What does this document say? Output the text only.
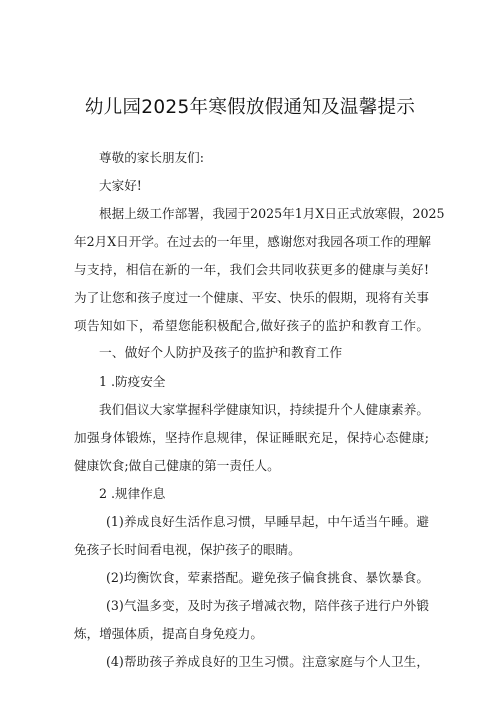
幼儿园2025年寒假放假通知及温馨提示
尊敬的家长朋友们:
大家好!
根据上级工作部署，我园于2025年1月X日正式放寒假，2025
年2月X日开学。在过去的一年里，感谢您对我园各项工作的理解
与支持，相信在新的一年，我们会共同收获更多的健康与美好!
为了让您和孩子度过一个健康、平安、快乐的假期，现将有关事
项告知如下，希望您能积极配合,做好孩子的监护和教育工作。
一、做好个人防护及孩子的监护和教育工作
1 .防疫安全
我们倡议大家掌握科学健康知识，持续提升个人健康素养。
加强身体锻炼，坚持作息规律，保证睡眠充足，保持心态健康;
健康饮食;做自己健康的第一责任人。
2 .规律作息
(1)养成良好生活作息习惯，早睡早起，中午适当午睡。避
免孩子长时间看电视，保护孩子的眼睛。
(2)均衡饮食，荤素搭配。避免孩子偏食挑食、暴饮暴食。
(3)气温多变，及时为孩子增减衣物，陪伴孩子进行户外锻
炼，增强体质，提高自身免疫力。
(4)帮助孩子养成良好的卫生习惯。注意家庭与个人卫生，
